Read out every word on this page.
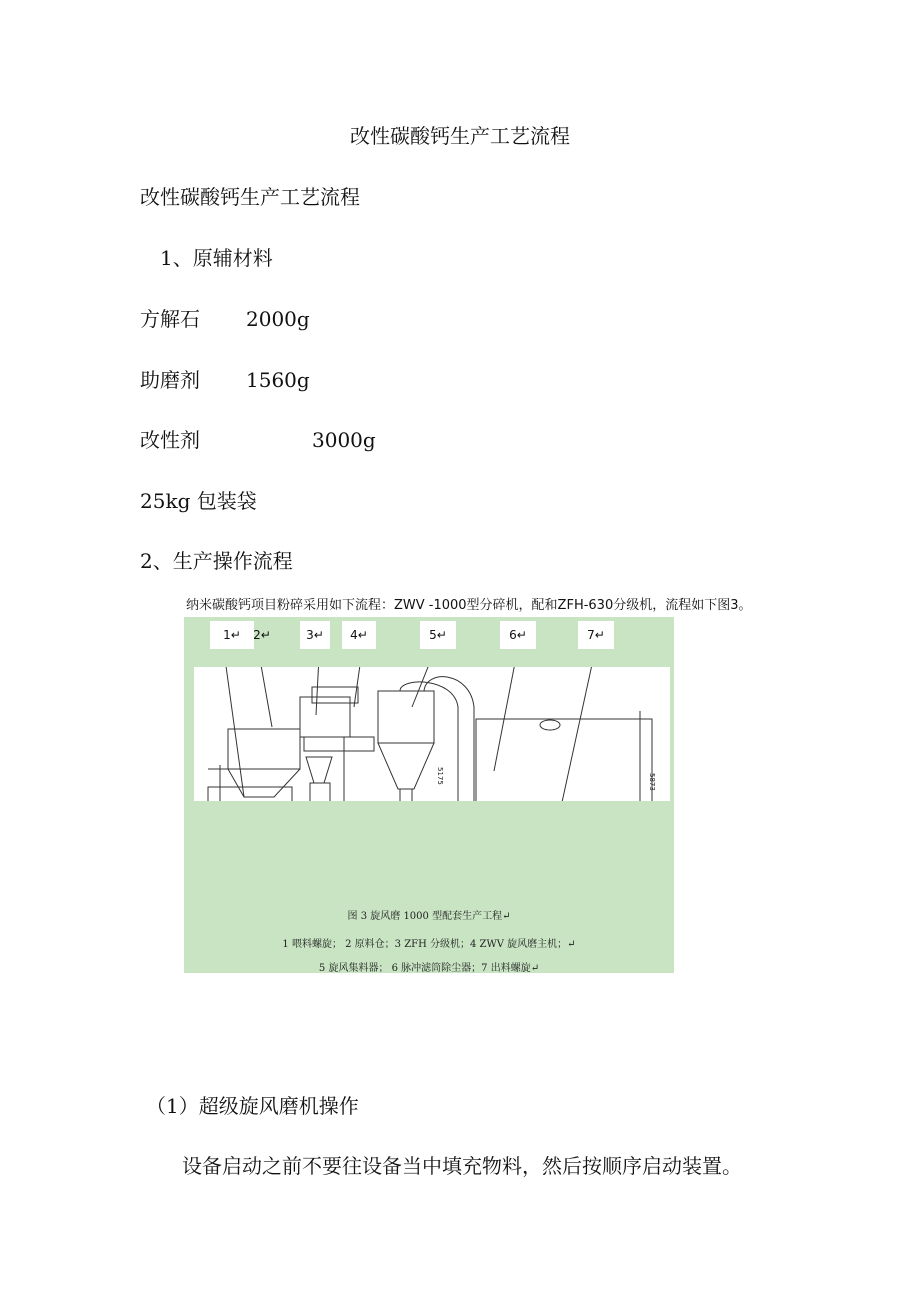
改性碳酸钙生产工艺流程
改性碳酸钙生产工艺流程
1、原辅材料
方解石 2000g
助磨剂 1560g
改性剂	3000g
25kg 包装袋
2、生产操作流程
纳米碳酸钙项目粉碎采用如下流程：ZWV -1000型分碎机，配和ZFH-630分级机，流程如下图3。
1↵	2↵	3↵	4↵	5↵	6↵	7↵
3900
5175	5873
图 3 旋风磨 1000 型配套生产工程↵
1 喂料螺旋； 2 原料仓；3 ZFH 分级机；4 ZWV 旋风磨主机；↵
5 旋风集料器； 6 脉冲滤筒除尘器；7 出料螺旋↵
（1）超级旋风磨机操作
设备启动之前不要往设备当中填充物料，然后按顺序启动装置。
